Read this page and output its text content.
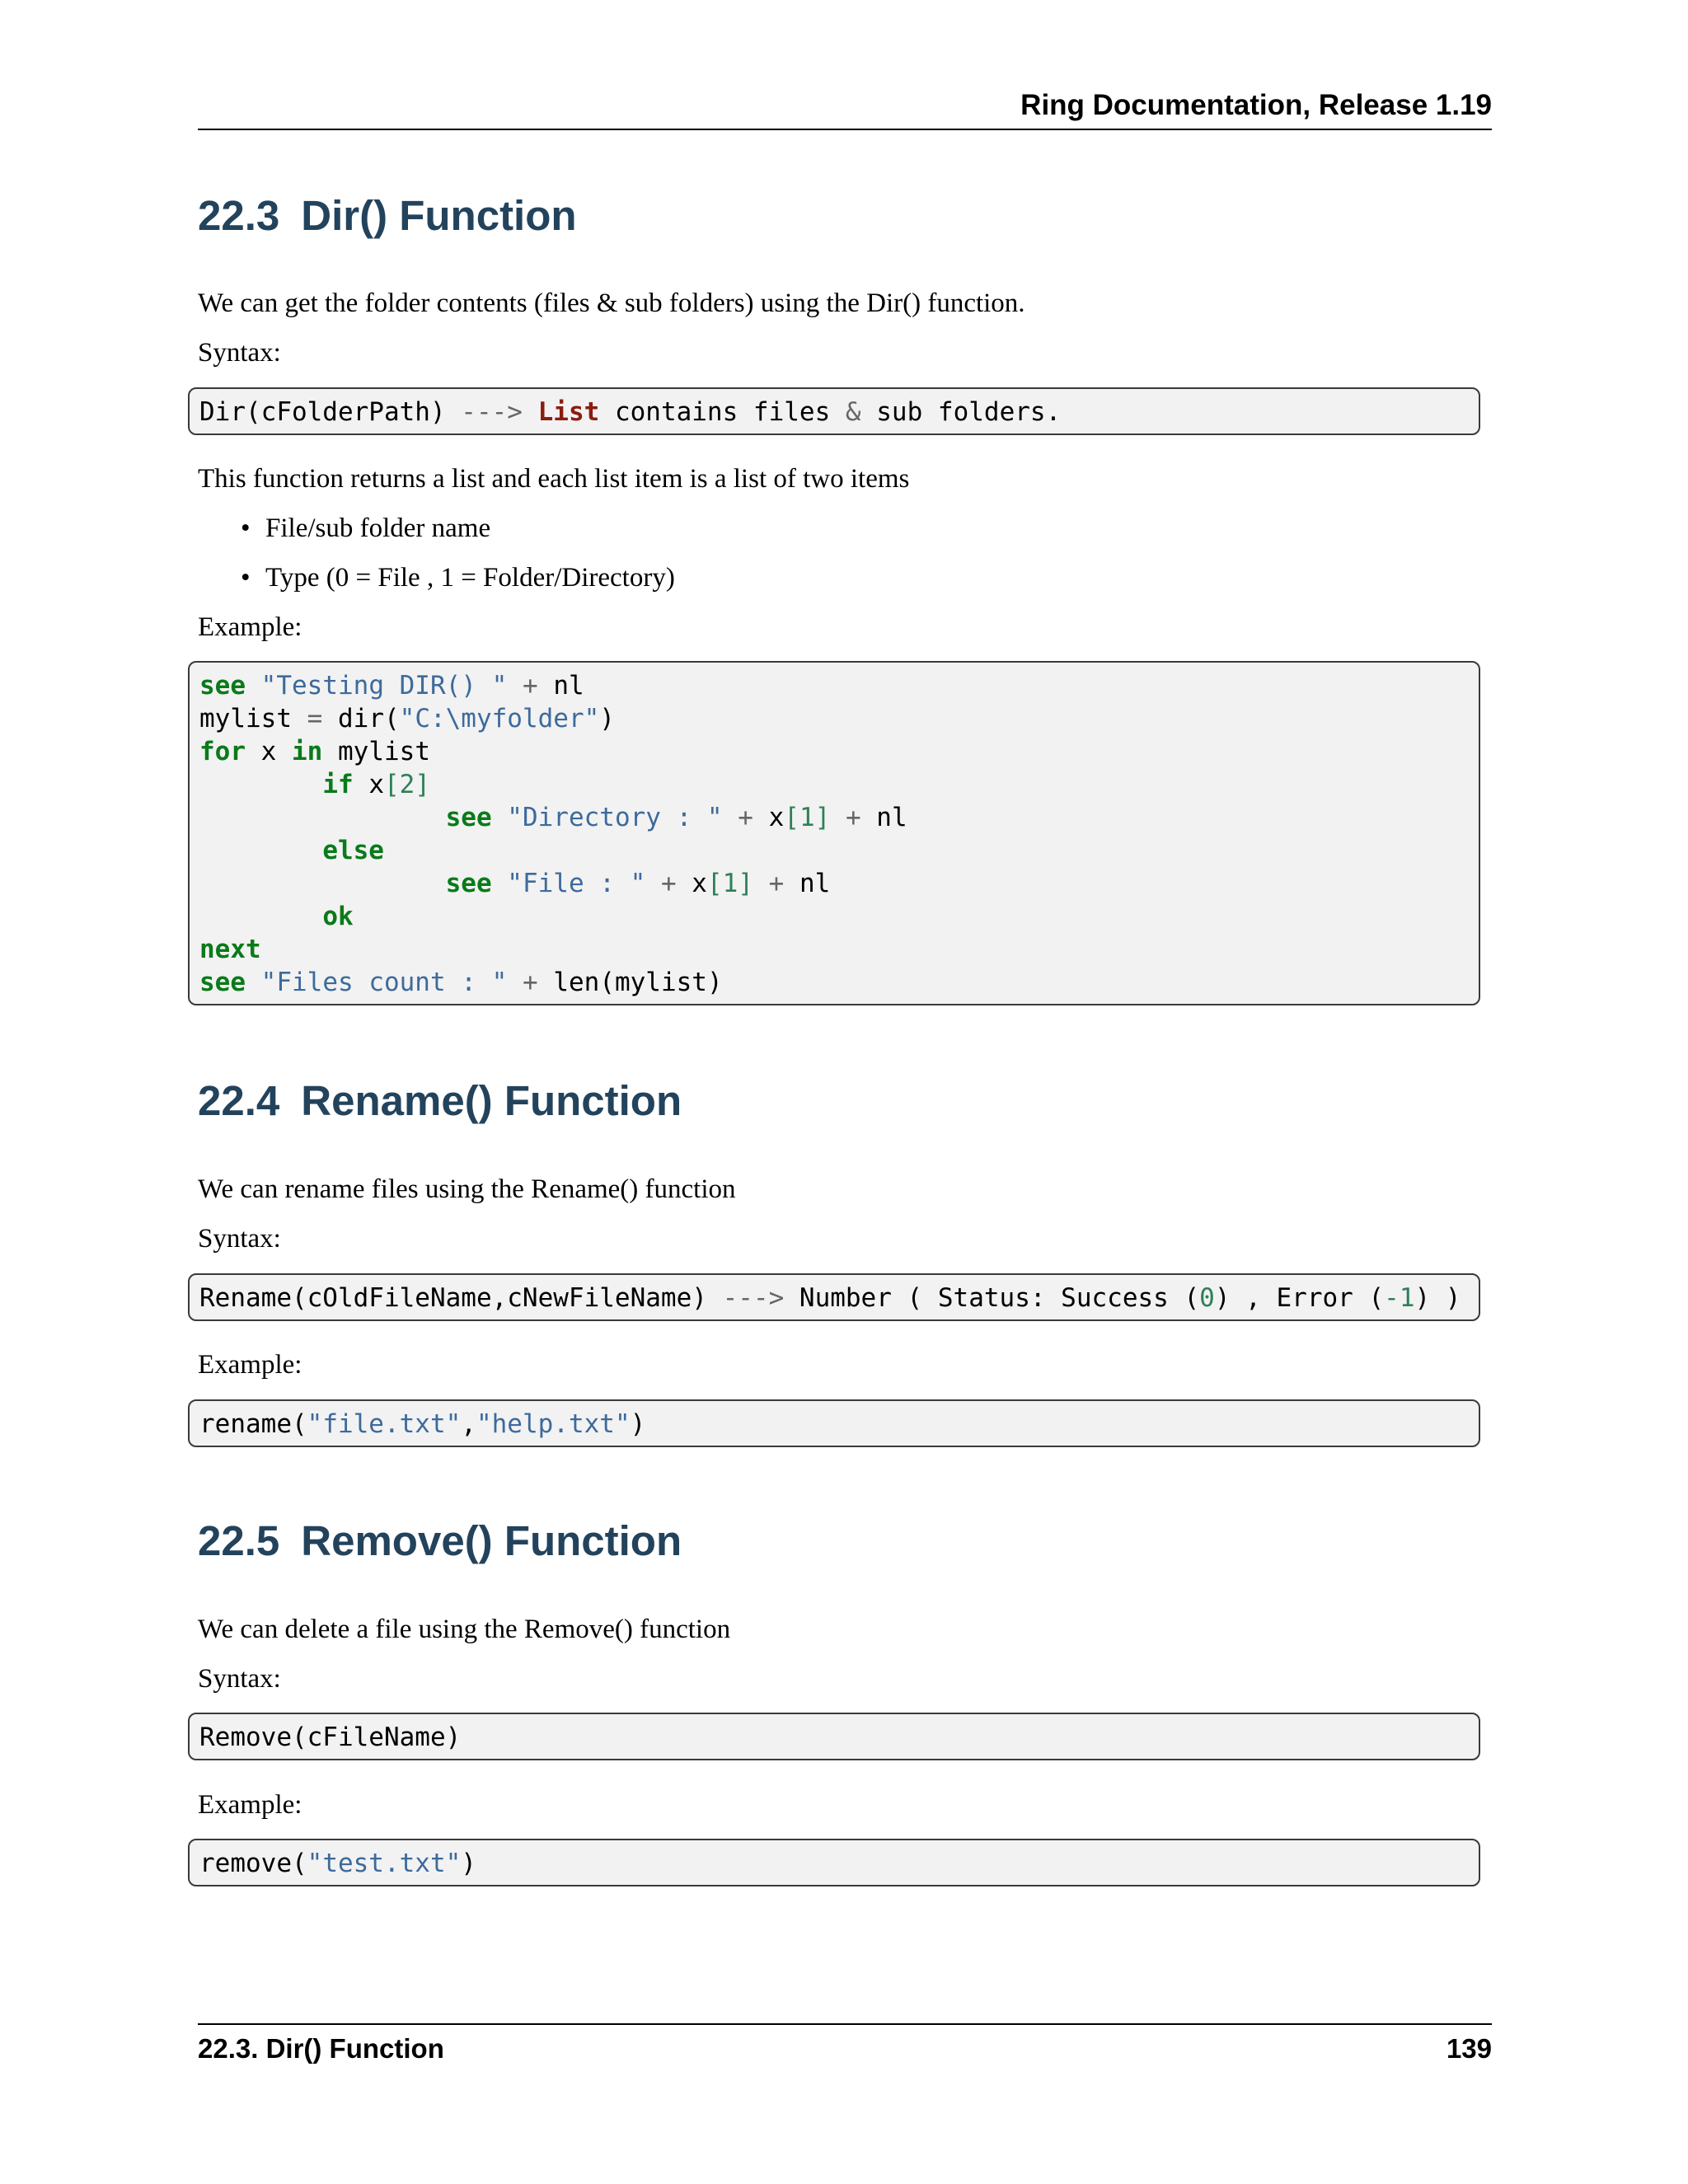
Ring Documentation, Release 1.19
22.3 Dir() Function

We can get the folder contents (files & sub folders) using the Dir() function.

Syntax:

Dir(cFolderPath) ---> List contains files & sub folders.

This function returns a list and each list item is a list of two items

• File/sub folder name
• Type (0 = File , 1 = Folder/Directory)

Example:

see "Testing DIR() " + nl
mylist = dir("C:\myfolder")
for x in mylist
if x[2]
see "Directory : " + x[1] + nl
else
see "File : " + x[1] + nl
ok
next
see "Files count : " + len(mylist)
22.4 Rename() Function

We can rename files using the Rename() function

Syntax:

Rename(cOldFileName,cNewFileName) ---> Number ( Status: Success (0) , Error (-1) )

Example:

rename("file.txt","help.txt")
22.5 Remove() Function

We can delete a file using the Remove() function

Syntax:

Remove(cFileName)

Example:

remove("test.txt")
22.3. Dir() Function	139
